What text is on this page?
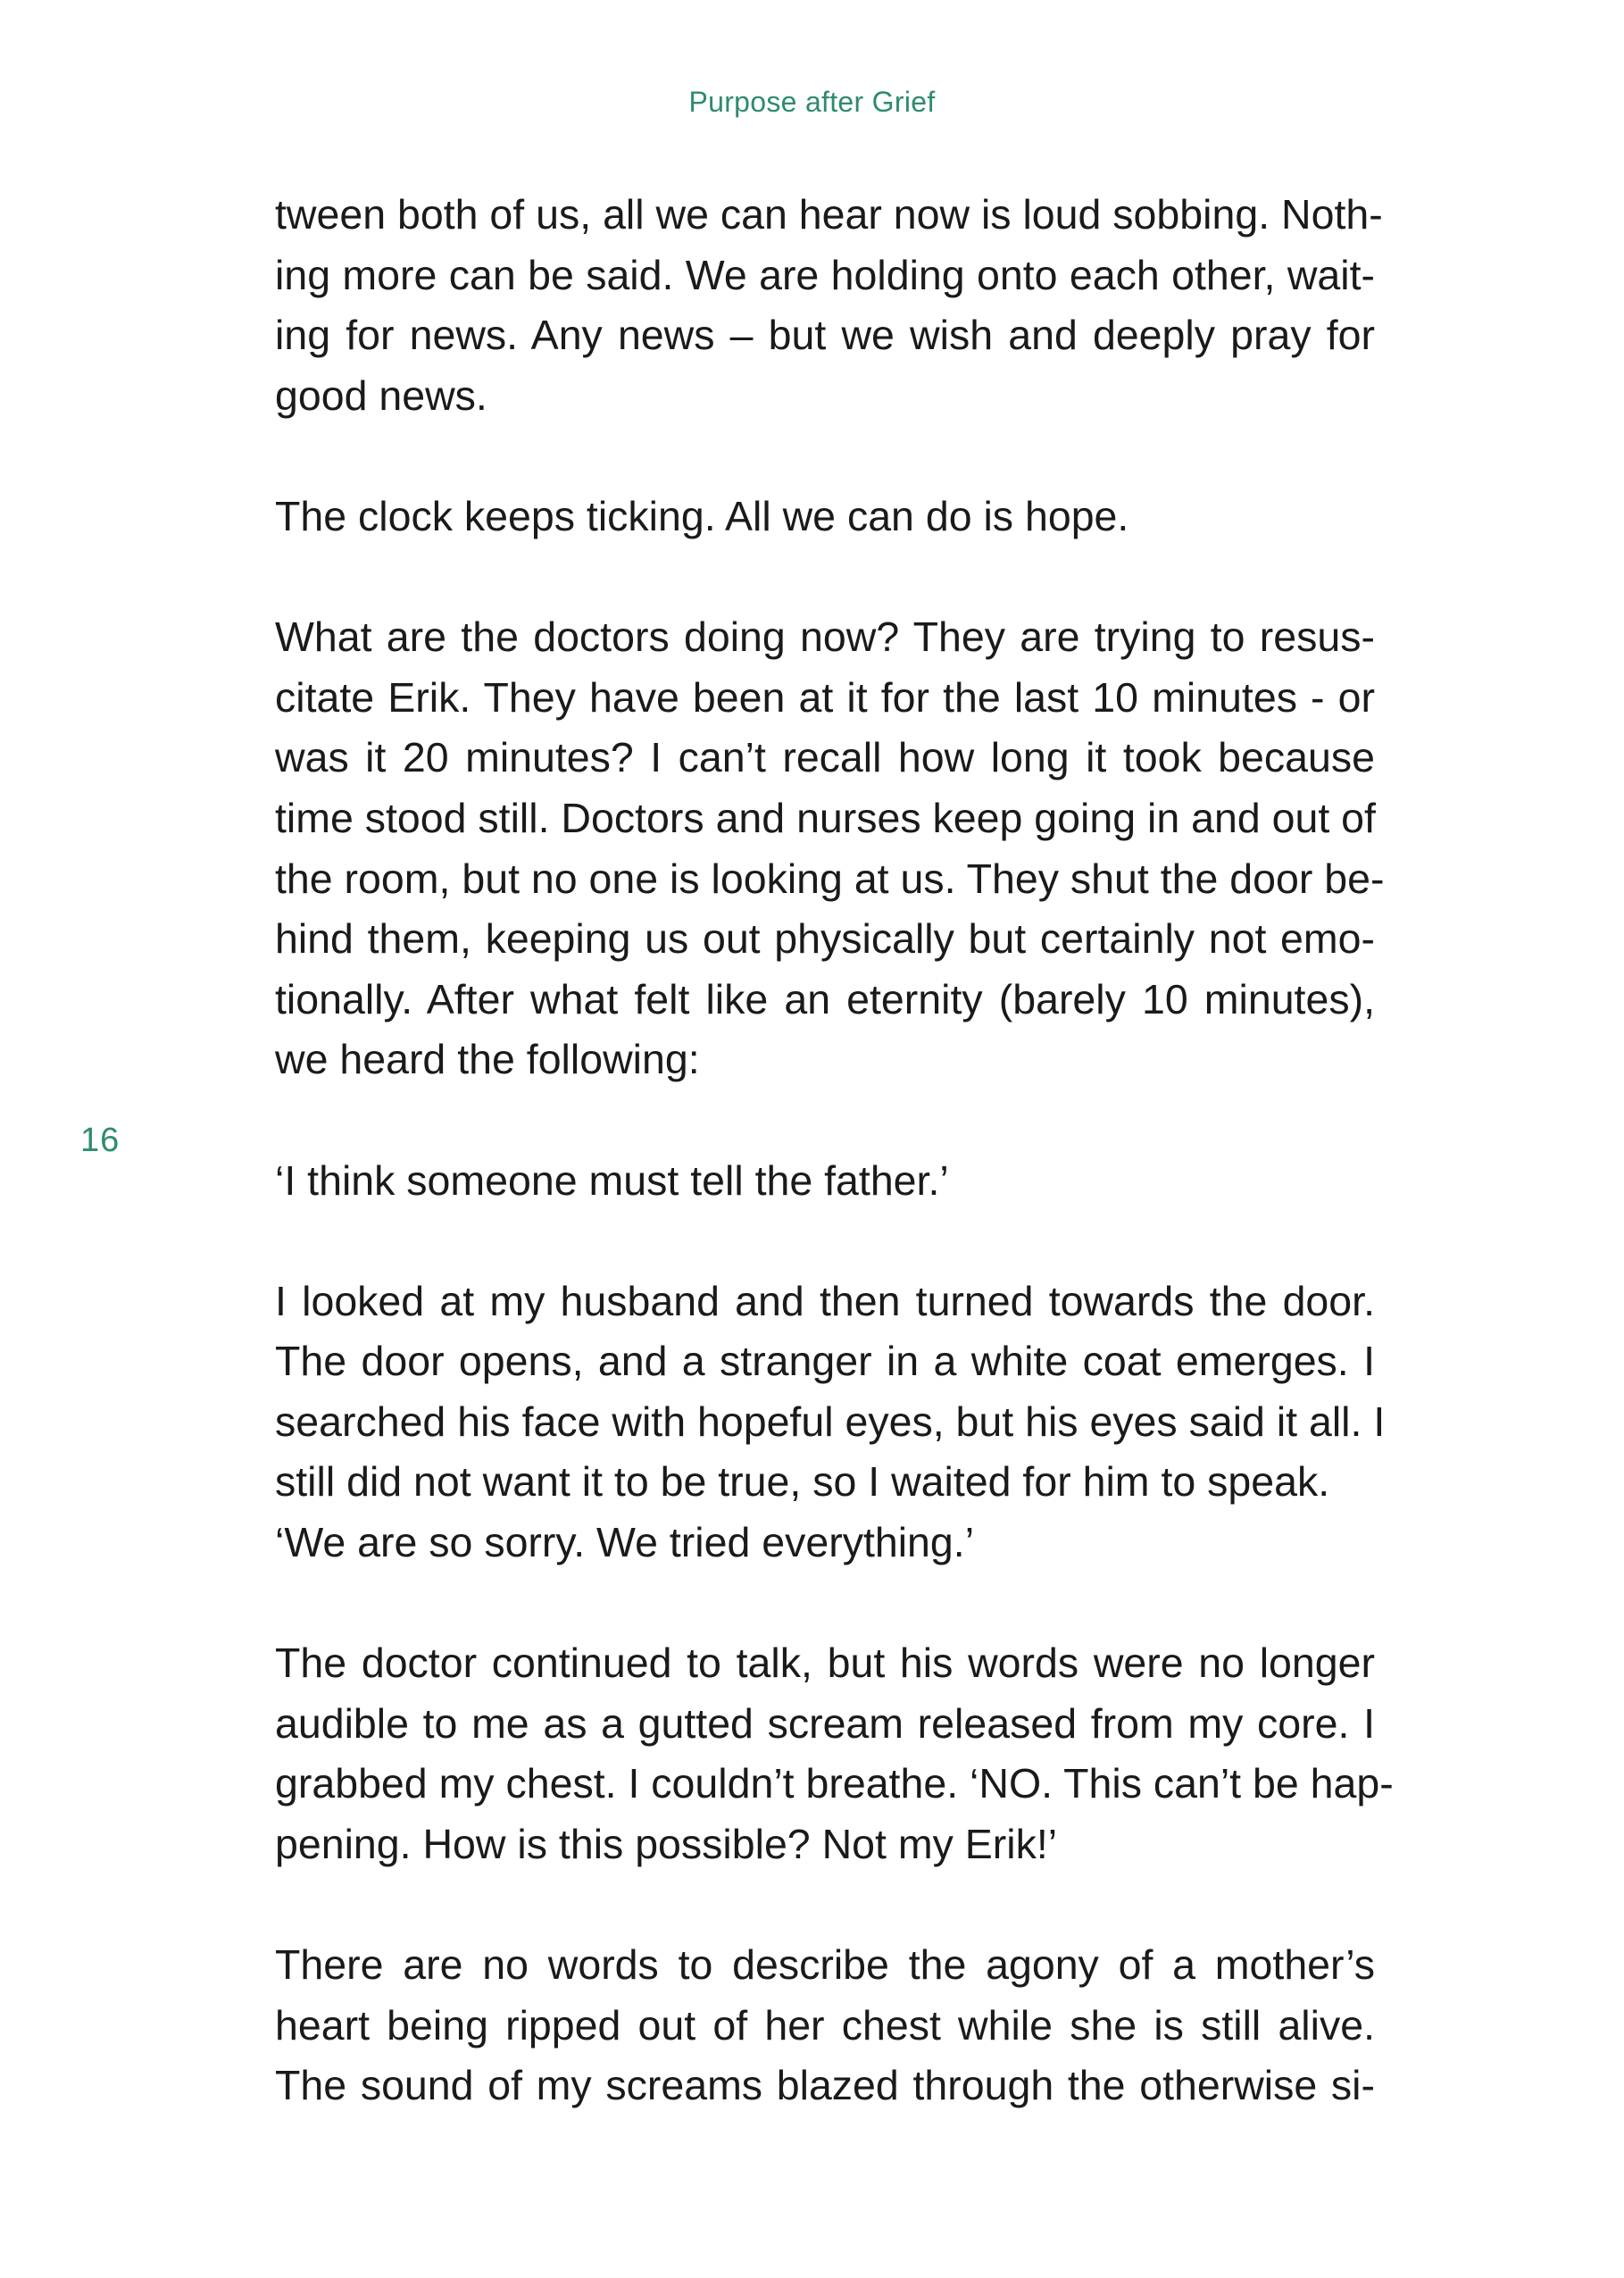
Purpose after Grief
16
tween both of us, all we can hear now is loud sobbing. Noth-
ing more can be said. We are holding onto each other, wait-
ing for news. Any news – but we wish and deeply pray for
good news.
The clock keeps ticking. All we can do is hope.
What are the doctors doing now? They are trying to resus-
citate Erik. They have been at it for the last 10 minutes - or
was it 20 minutes? I can’t recall how long it took because
time stood still. Doctors and nurses keep going in and out of
the room, but no one is looking at us. They shut the door be-
hind them, keeping us out physically but certainly not emo-
tionally. After what felt like an eternity (barely 10 minutes),
we heard the following:
‘I think someone must tell the father.’
I looked at my husband and then turned towards the door.
The door opens, and a stranger in a white coat emerges. I
searched his face with hopeful eyes, but his eyes said it all. I
still did not want it to be true, so I waited for him to speak.
‘We are so sorry. We tried everything.’
The doctor continued to talk, but his words were no longer
audible to me as a gutted scream released from my core. I
grabbed my chest. I couldn’t breathe. ‘NO. This can’t be hap-
pening. How is this possible? Not my Erik!’
There are no words to describe the agony of a mother’s
heart being ripped out of her chest while she is still alive.
The sound of my screams blazed through the otherwise si-
